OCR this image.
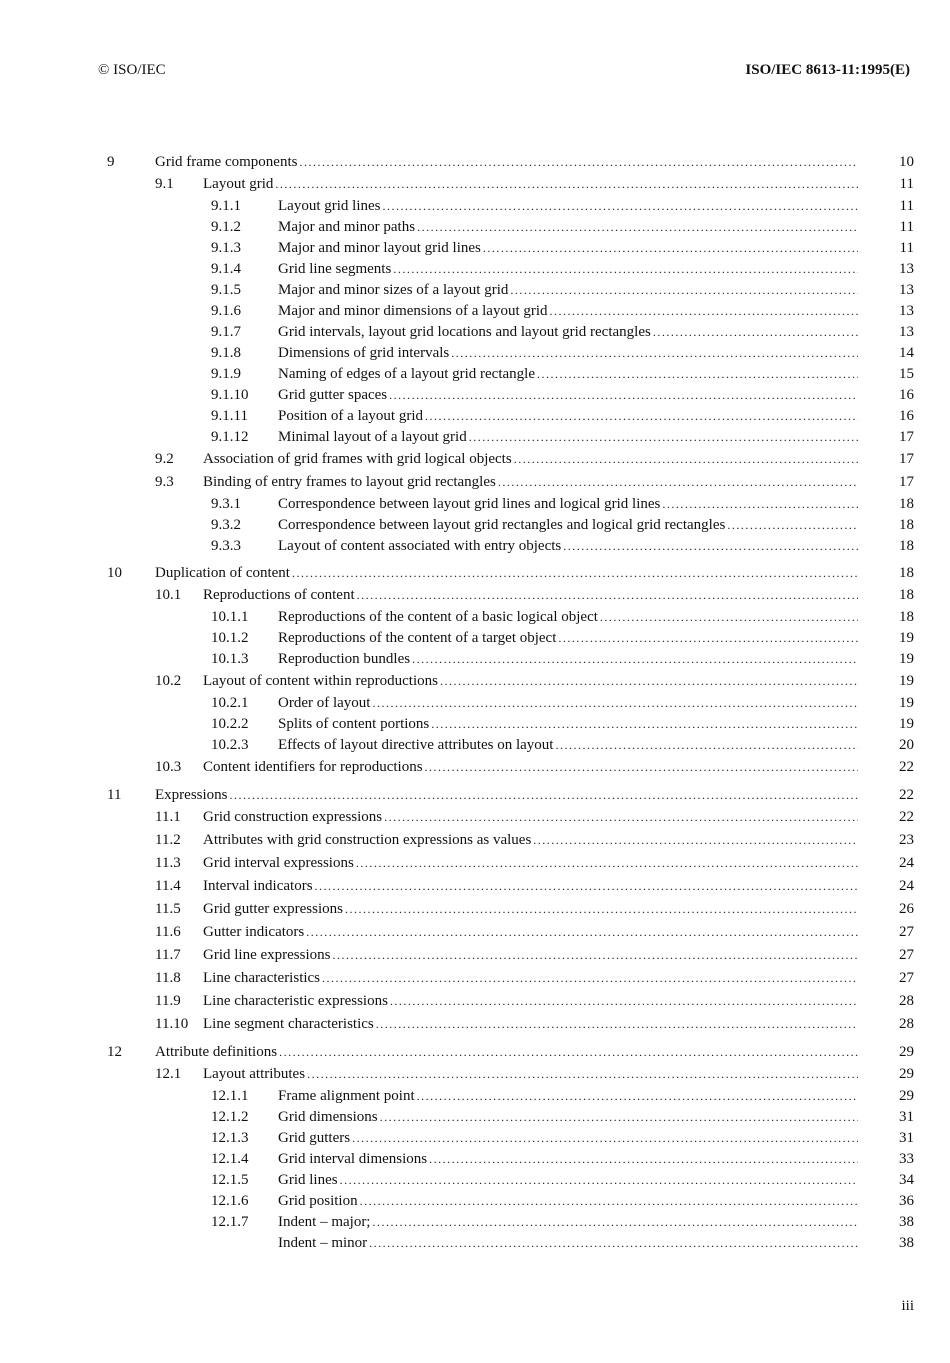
© ISO/IEC	ISO/IEC 8613-11:1995(E)
9	Grid frame components .....	10
9.1 Layout grid .....	11
9.1.1 Layout grid lines .....	11
9.1.2 Major and minor paths .....	11
9.1.3 Major and minor layout grid lines .....	11
9.1.4 Grid line segments .....	13
9.1.5 Major and minor sizes of a layout grid .....	13
9.1.6 Major and minor dimensions of a layout grid .....	13
9.1.7 Grid intervals, layout grid locations and layout grid rectangles .....	13
9.1.8 Dimensions of grid intervals .....	14
9.1.9 Naming of edges of a layout grid rectangle .....	15
9.1.10 Grid gutter spaces .....	16
9.1.11 Position of a layout grid .....	16
9.1.12 Minimal layout of a layout grid .....	17
9.2 Association of grid frames with grid logical objects .....	17
9.3 Binding of entry frames to layout grid rectangles .....	17
9.3.1 Correspondence between layout grid lines and logical grid lines .....	18
9.3.2 Correspondence between layout grid rectangles and logical grid rectangles .....	18
9.3.3 Layout of content associated with entry objects .....	18
10 Duplication of content .....	18
10.1 Reproductions of content .....	18
10.1.1 Reproductions of the content of a basic logical object .....	18
10.1.2 Reproductions of the content of a target object .....	19
10.1.3 Reproduction bundles .....	19
10.2 Layout of content within reproductions .....	19
10.2.1 Order of layout .....	19
10.2.2 Splits of content portions .....	19
10.2.3 Effects of layout directive attributes on layout .....	20
10.3 Content identifiers for reproductions .....	22
11 Expressions .....	22
11.1 Grid construction expressions .....	22
11.2 Attributes with grid construction expressions as values .....	23
11.3 Grid interval expressions .....	24
11.4 Interval indicators .....	24
11.5 Grid gutter expressions .....	26
11.6 Gutter indicators .....	27
11.7 Grid line expressions .....	27
11.8 Line characteristics .....	27
11.9 Line characteristic expressions .....	28
11.10 Line segment characteristics .....	28
12 Attribute definitions .....	29
12.1 Layout attributes .....	29
12.1.1 Frame alignment point .....	29
12.1.2 Grid dimensions .....	31
12.1.3 Grid gutters .....	31
12.1.4 Grid interval dimensions .....	33
12.1.5 Grid lines .....	34
12.1.6 Grid position .....	36
12.1.7 Indent – major; .....	38
Indent – minor .....	38
iii
